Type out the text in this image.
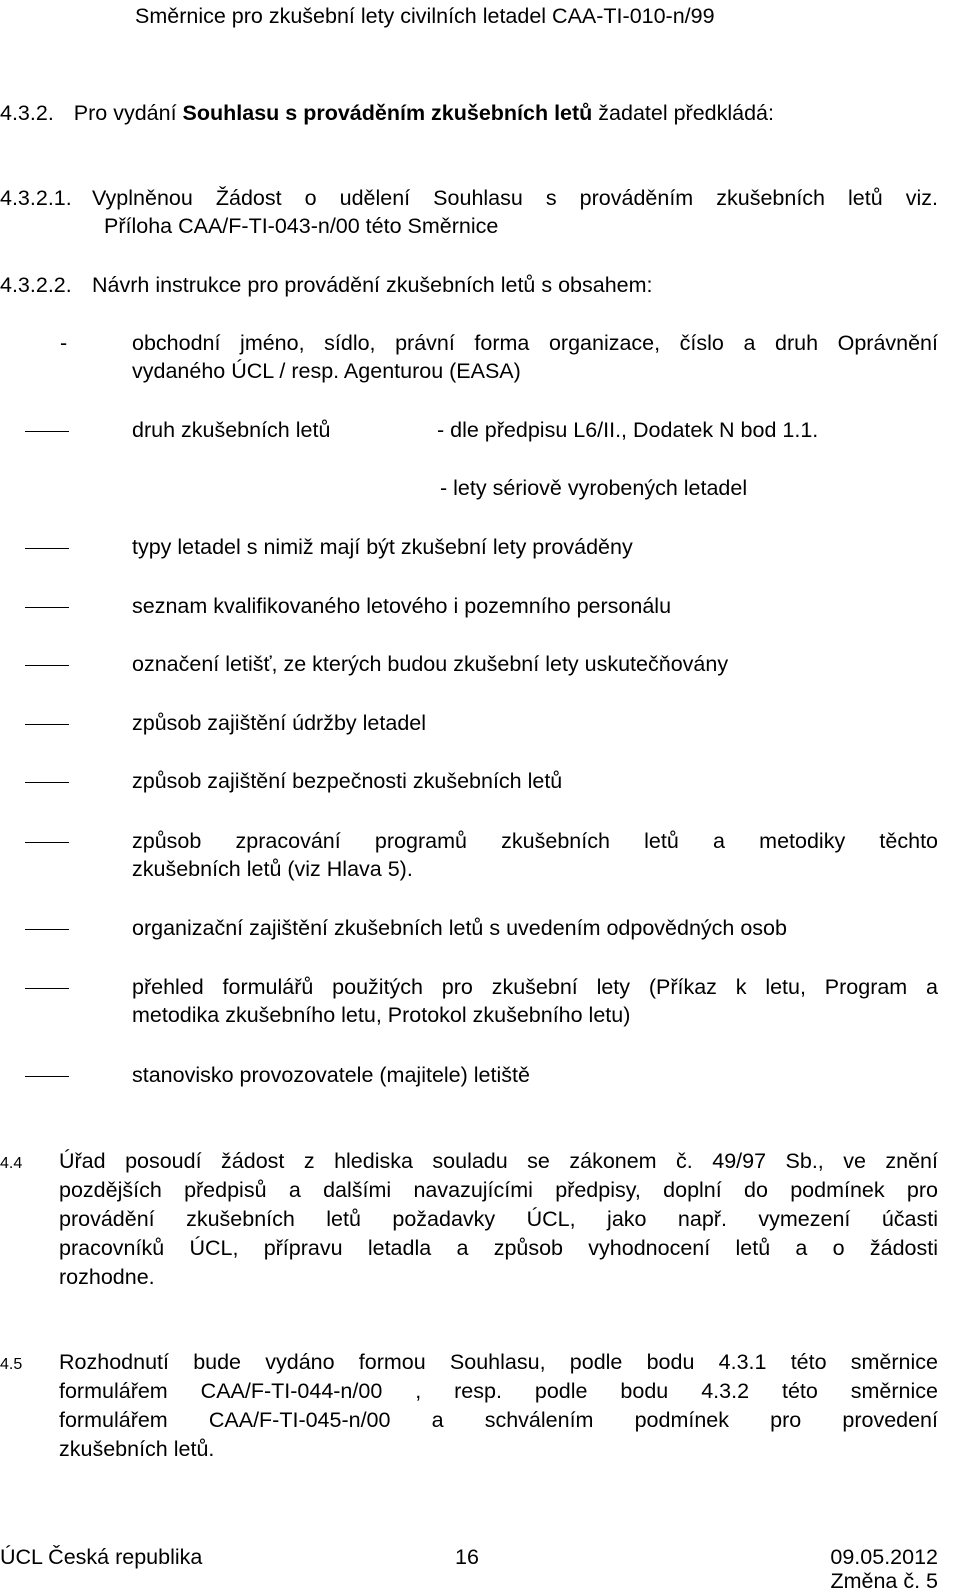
Směrnice pro zkušební lety civilních letadel CAA-TI-010-n/99
4.3.2. Pro vydání Souhlasu s prováděním zkušebních letů žadatel předkládá:
4.3.2.1. Vyplněnou Žádost o udělení Souhlasu s prováděním zkušebních letů viz.
Příloha CAA/F-TI-043-n/00 této Směrnice
4.3.2.2. Návrh instrukce pro provádění zkušebních letů s obsahem:
-	obchodní jméno, sídlo, právní forma organizace, číslo a druh Oprávnění
vydaného ÚCL / resp. Agenturou (EASA)
druh zkušebních letů	- dle předpisu L6/II., Dodatek N bod 1.1.
- lety sériově vyrobených letadel
typy letadel s nimiž mají být zkušební lety prováděny
seznam kvalifikovaného letového i pozemního personálu
označení letišť, ze kterých budou zkušební lety uskutečňovány
způsob zajištění údržby letadel
způsob zajištění bezpečnosti zkušebních letů
způsob zpracování programů zkušebních letů a metodiky těchto
zkušebních letů (viz Hlava 5).
organizační zajištění zkušebních letů s uvedením odpovědných osob
přehled formulářů použitých pro zkušební lety (Příkaz k letu, Program a
metodika zkušebního letu, Protokol zkušebního letu)
stanovisko provozovatele (majitele) letiště
4.4 Úřad posoudí žádost z hlediska souladu se zákonem č. 49/97 Sb., ve znění
pozdějších předpisů a dalšími navazujícími předpisy, doplní do podmínek pro
provádění zkušebních letů požadavky ÚCL, jako např. vymezení účasti
pracovníků ÚCL, přípravu letadla a způsob vyhodnocení letů a o žádosti
rozhodne.
4.5 Rozhodnutí bude vydáno formou Souhlasu, podle bodu 4.3.1 této směrnice
formulářem CAA/F-TI-044-n/00 , resp. podle bodu 4.3.2 této směrnice
formulářem CAA/F-TI-045-n/00 a schválením podmínek pro provedení
zkušebních letů.
ÚCL Česká republika	16	09.05.2012
Změna č. 5
